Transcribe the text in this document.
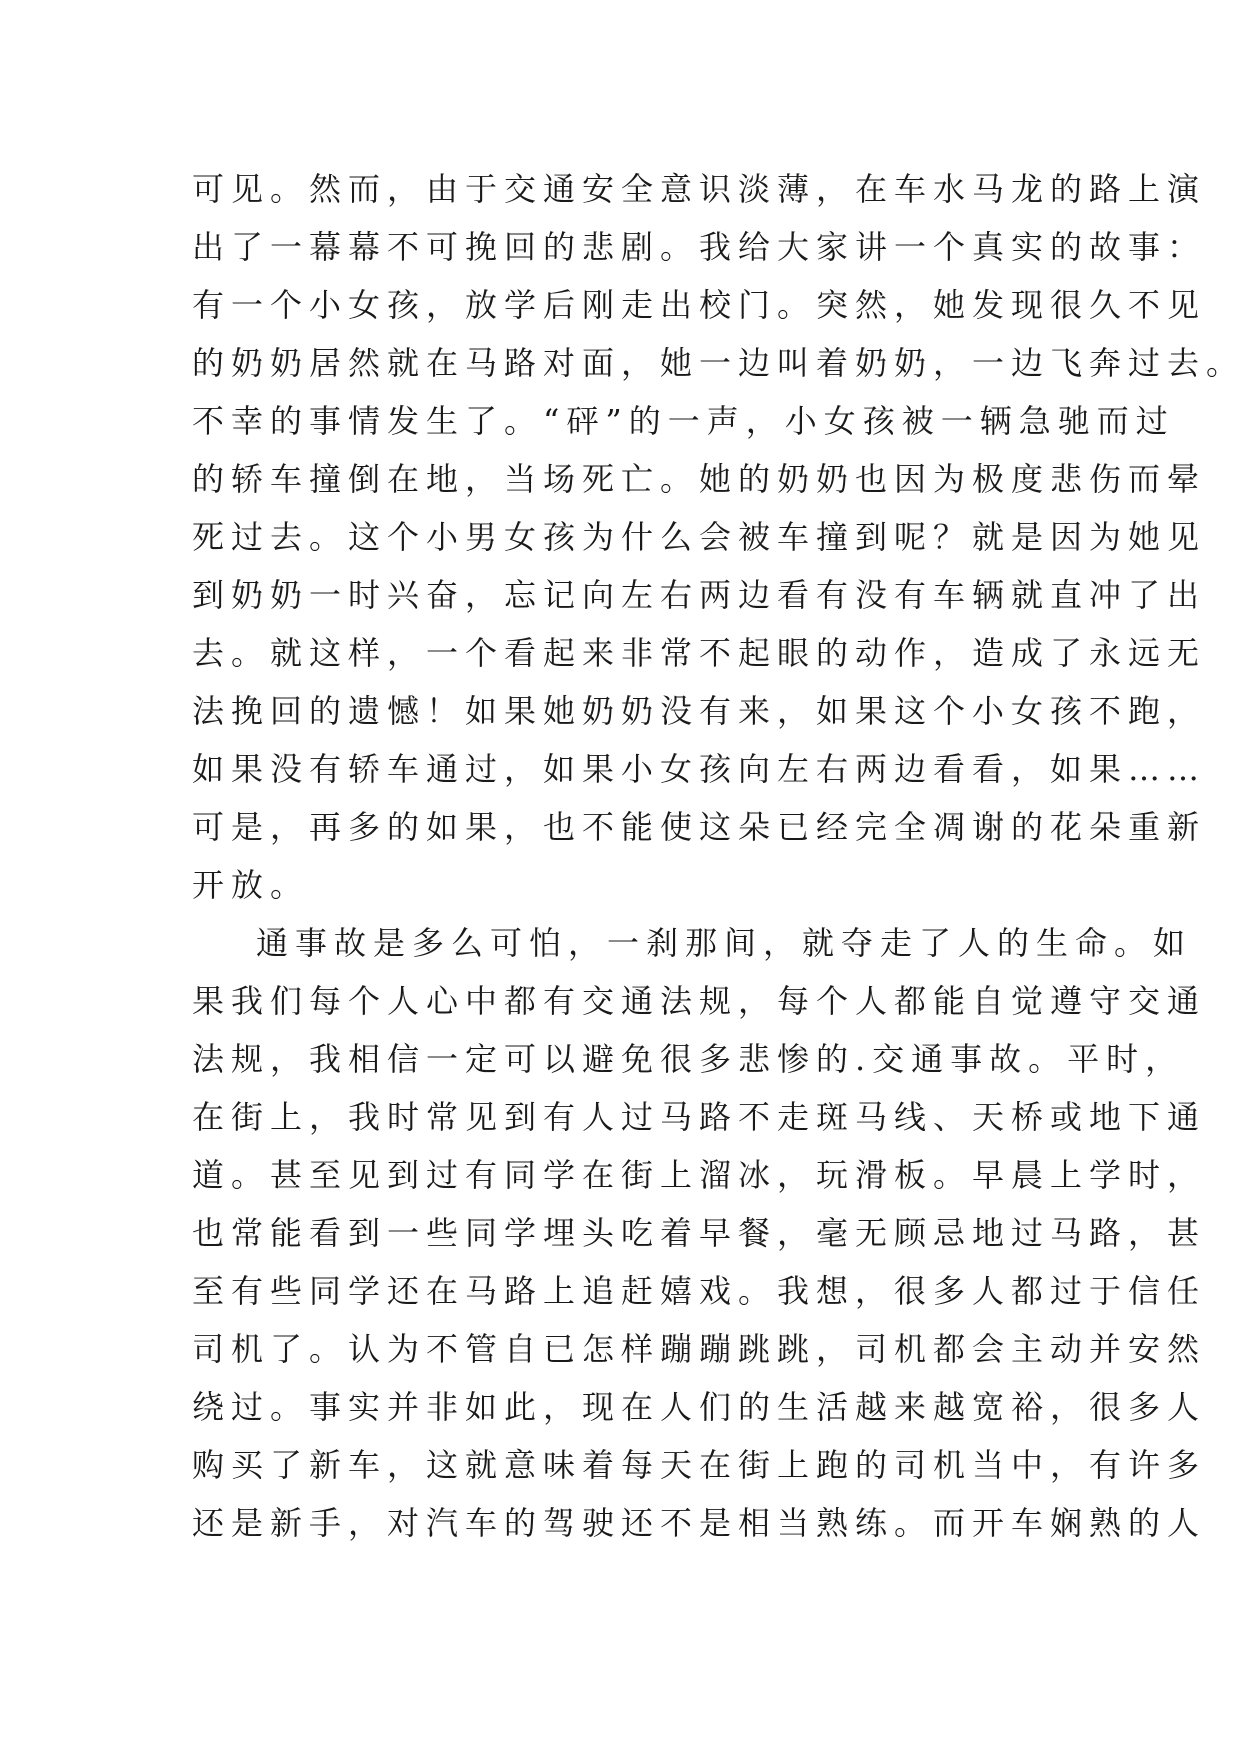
可见。然而，由于交通安全意识淡薄，在车水马龙的路上演
出了一幕幕不可挽回的悲剧。我给大家讲一个真实的故事：
有一个小女孩，放学后刚走出校门。突然，她发现很久不见
的奶奶居然就在马路对面，她一边叫着奶奶，一边飞奔过去。
不幸的事情发生了。“砰”的一声，小女孩被一辆急驰而过
的轿车撞倒在地，当场死亡。她的奶奶也因为极度悲伤而晕
死过去。这个小男女孩为什么会被车撞到呢？就是因为她见
到奶奶一时兴奋，忘记向左右两边看有没有车辆就直冲了出
去。就这样，一个看起来非常不起眼的动作，造成了永远无
法挽回的遗憾！如果她奶奶没有来，如果这个小女孩不跑，
如果没有轿车通过，如果小女孩向左右两边看看，如果……
可是，再多的如果，也不能使这朵已经完全凋谢的花朵重新
开放。
通事故是多么可怕，一刹那间，就夺走了人的生命。如
果我们每个人心中都有交通法规，每个人都能自觉遵守交通
法规，我相信一定可以避免很多悲惨的.交通事故。平时，
在街上，我时常见到有人过马路不走斑马线、天桥或地下通
道。甚至见到过有同学在街上溜冰，玩滑板。早晨上学时，
也常能看到一些同学埋头吃着早餐，毫无顾忌地过马路，甚
至有些同学还在马路上追赶嬉戏。我想，很多人都过于信任
司机了。认为不管自已怎样蹦蹦跳跳，司机都会主动并安然
绕过。事实并非如此，现在人们的生活越来越宽裕，很多人
购买了新车，这就意味着每天在街上跑的司机当中，有许多
还是新手，对汽车的驾驶还不是相当熟练。而开车娴熟的人
